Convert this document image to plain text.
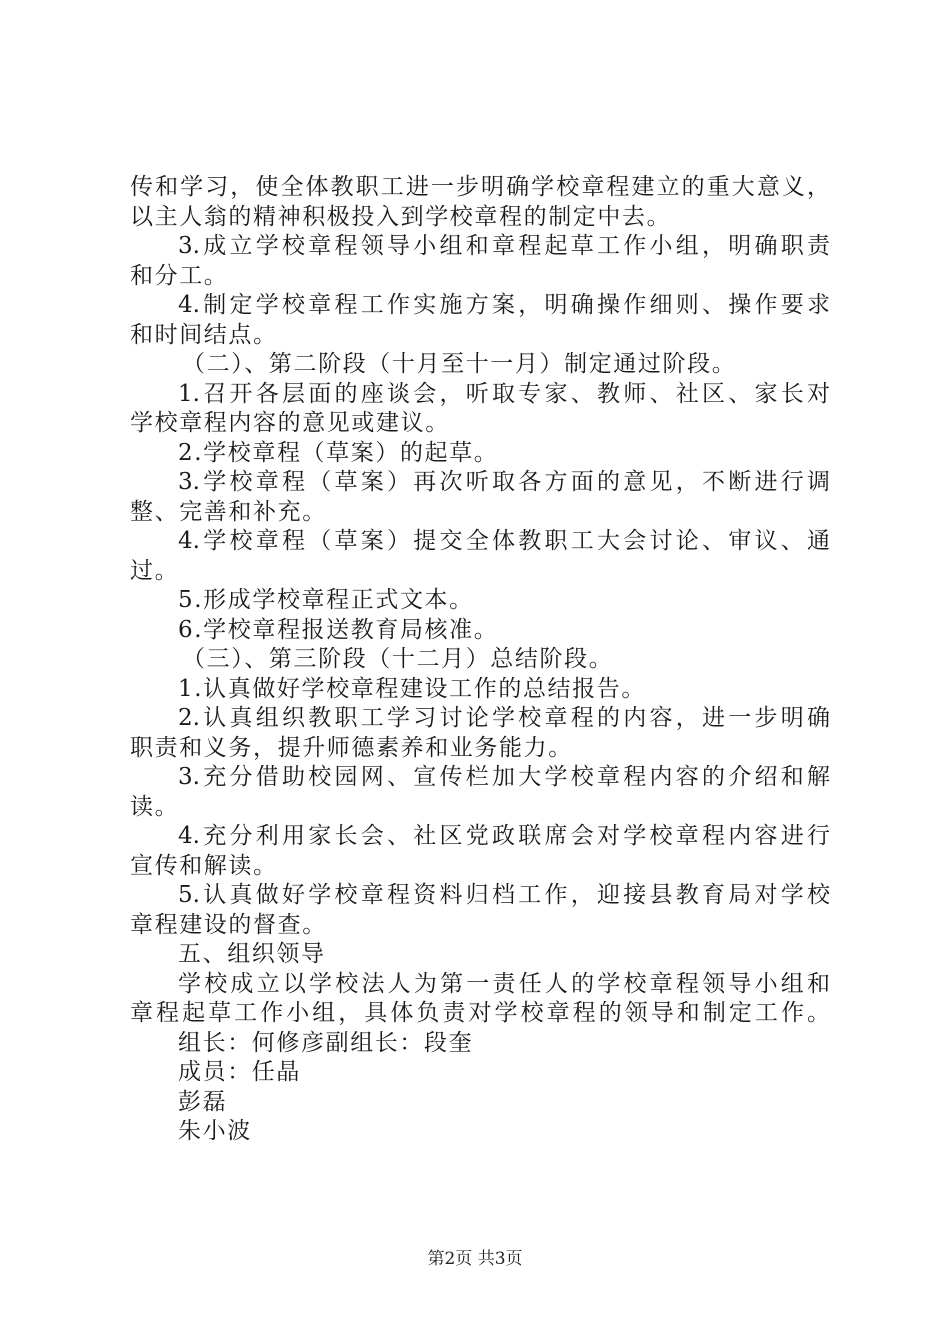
传和学习，使全体教职工进一步明确学校章程建立的重大意义，
以主人翁的精神积极投入到学校章程的制定中去。
3.成立学校章程领导小组和章程起草工作小组，明确职责
和分工。
4.制定学校章程工作实施方案，明确操作细则、操作要求
和时间结点。
（二）、第二阶段（十月至十一月）制定通过阶段。
1.召开各层面的座谈会，听取专家、教师、社区、家长对
学校章程内容的意见或建议。
2.学校章程（草案）的起草。
3.学校章程（草案）再次听取各方面的意见，不断进行调
整、完善和补充。
4.学校章程（草案）提交全体教职工大会讨论、审议、通
过。
5.形成学校章程正式文本。
6.学校章程报送教育局核准。
（三）、第三阶段（十二月）总结阶段。
1.认真做好学校章程建设工作的总结报告。
2.认真组织教职工学习讨论学校章程的内容，进一步明确
职责和义务，提升师德素养和业务能力。
3.充分借助校园网、宣传栏加大学校章程内容的介绍和解
读。
4.充分利用家长会、社区党政联席会对学校章程内容进行
宣传和解读。
5.认真做好学校章程资料归档工作，迎接县教育局对学校
章程建设的督查。
五、组织领导
学校成立以学校法人为第一责任人的学校章程领导小组和
章程起草工作小组，具体负责对学校章程的领导和制定工作。
组长：何修彦副组长：段奎
成员：任晶
彭磊
朱小波
第2页 共3页
